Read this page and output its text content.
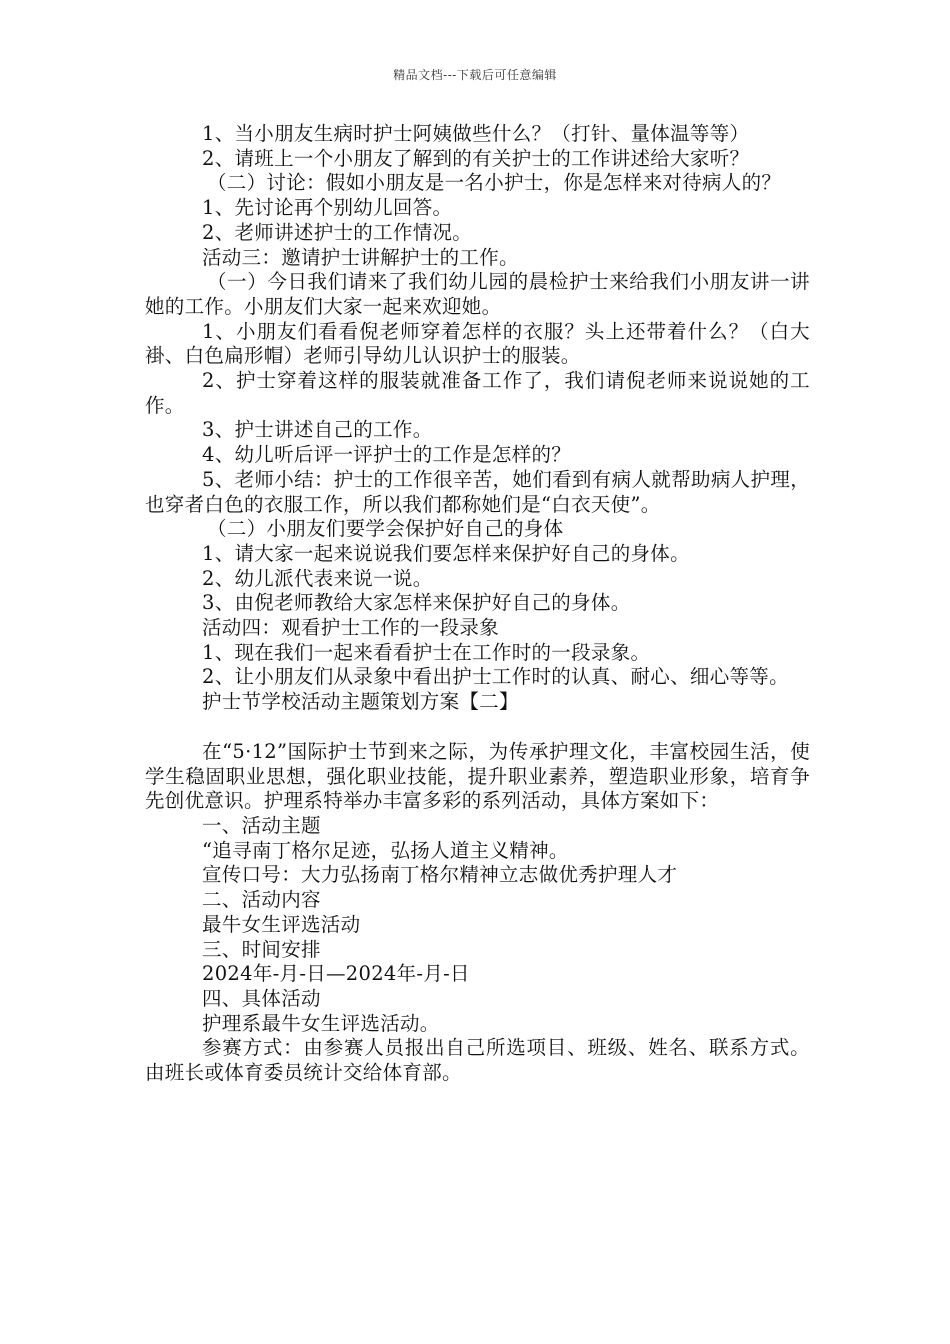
精品文档---下载后可任意编辑

1、当小朋友生病时护士阿姨做些什么？（打针、量体温等等）

2、请班上一个小朋友了解到的有关护士的工作讲述给大家听？

（二）讨论：假如小朋友是一名小护士，你是怎样来对待病人的？

1、先讨论再个别幼儿回答。

2、老师讲述护士的工作情况。

活动三：邀请护士讲解护士的工作。

（一）今日我们请来了我们幼儿园的晨检护士来给我们小朋友讲一讲她的工作。小朋友们大家一起来欢迎她。

1、小朋友们看看倪老师穿着怎样的衣服？头上还带着什么？（白大褂、白色扁形帽）老师引导幼儿认识护士的服装。

2、护士穿着这样的服装就准备工作了，我们请倪老师来说说她的工作。

3、护士讲述自己的工作。

4、幼儿听后评一评护士的工作是怎样的？

5、老师小结：护士的工作很辛苦，她们看到有病人就帮助病人护理，也穿者白色的衣服工作，所以我们都称她们是“白衣天使”。

（二）小朋友们要学会保护好自己的身体

1、请大家一起来说说我们要怎样来保护好自己的身体。

2、幼儿派代表来说一说。

3、由倪老师教给大家怎样来保护好自己的身体。

活动四：观看护士工作的一段录象

1、现在我们一起来看看护士在工作时的一段录象。

2、让小朋友们从录象中看出护士工作时的认真、耐心、细心等等。

护士节学校活动主题策划方案【二】

在“5·12”国际护士节到来之际，为传承护理文化，丰富校园生活，使学生稳固职业思想，强化职业技能，提升职业素养，塑造职业形象，培育争先创优意识。护理系特举办丰富多彩的系列活动，具体方案如下：

一、活动主题

“追寻南丁格尔足迹，弘扬人道主义精神。

宣传口号：大力弘扬南丁格尔精神立志做优秀护理人才

二、活动内容

最牛女生评选活动

三、时间安排

2024年-月-日—2024年-月-日

四、具体活动

护理系最牛女生评选活动。

参赛方式：由参赛人员报出自己所选项目、班级、姓名、联系方式。由班长或体育委员统计交给体育部。
